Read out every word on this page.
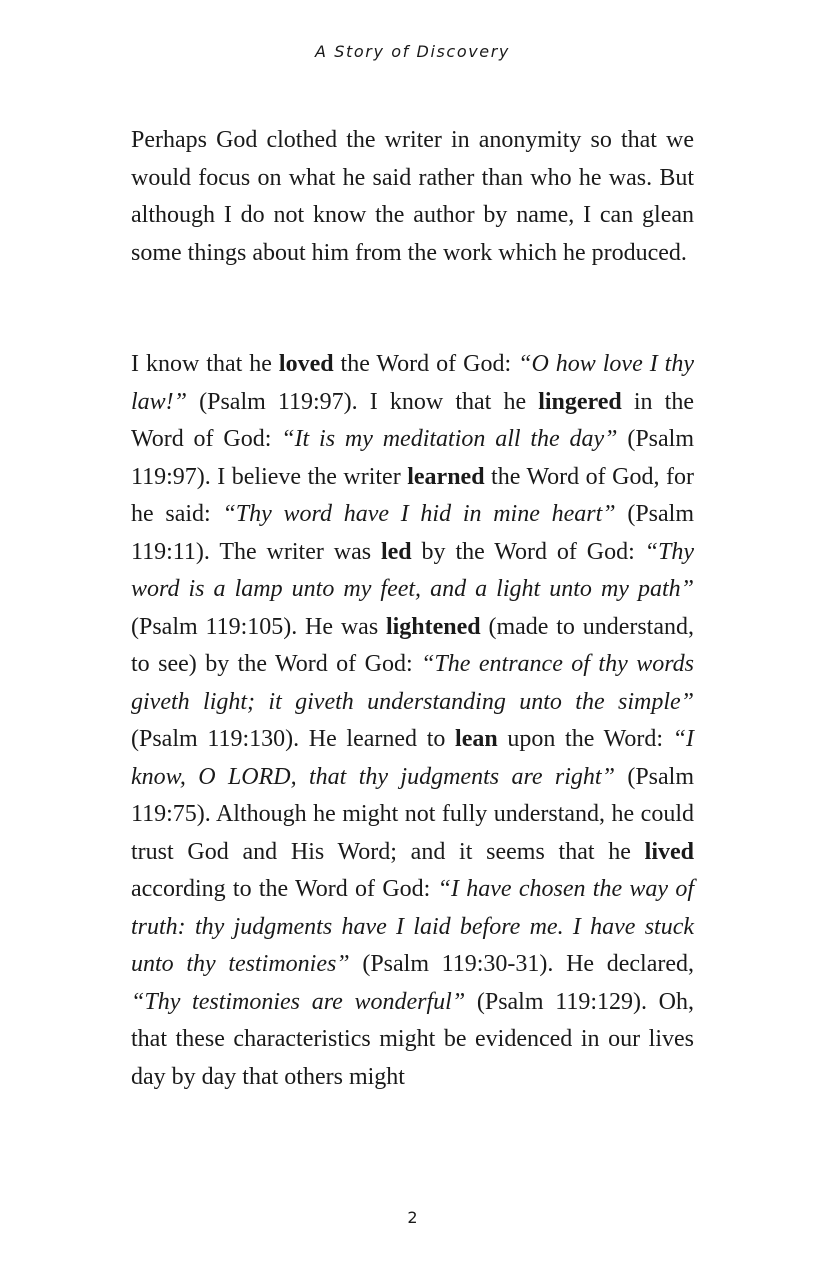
A Story of Discovery
Perhaps God clothed the writer in anonymity so that we would focus on what he said rather than who he was. But although I do not know the author by name, I can glean some things about him from the work which he produced.
I know that he loved the Word of God: “O how love I thy law!” (Psalm 119:97). I know that he lingered in the Word of God: “It is my meditation all the day” (Psalm 119:97). I believe the writer learned the Word of God, for he said: “Thy word have I hid in mine heart” (Psalm 119:11). The writer was led by the Word of God: “Thy word is a lamp unto my feet, and a light unto my path” (Psalm 119:105). He was lightened (made to understand, to see) by the Word of God: “The entrance of thy words giveth light; it giveth understanding unto the simple” (Psalm 119:130). He learned to lean upon the Word: “I know, O LORD, that thy judgments are right” (Psalm 119:75). Although he might not fully understand, he could trust God and His Word; and it seems that he lived according to the Word of God: “I have chosen the way of truth: thy judgments have I laid before me. I have stuck unto thy testimonies” (Psalm 119:30-31). He declared, “Thy testimonies are wonderful” (Psalm 119:129). Oh, that these characteristics might be evidenced in our lives day by day that others might
2
